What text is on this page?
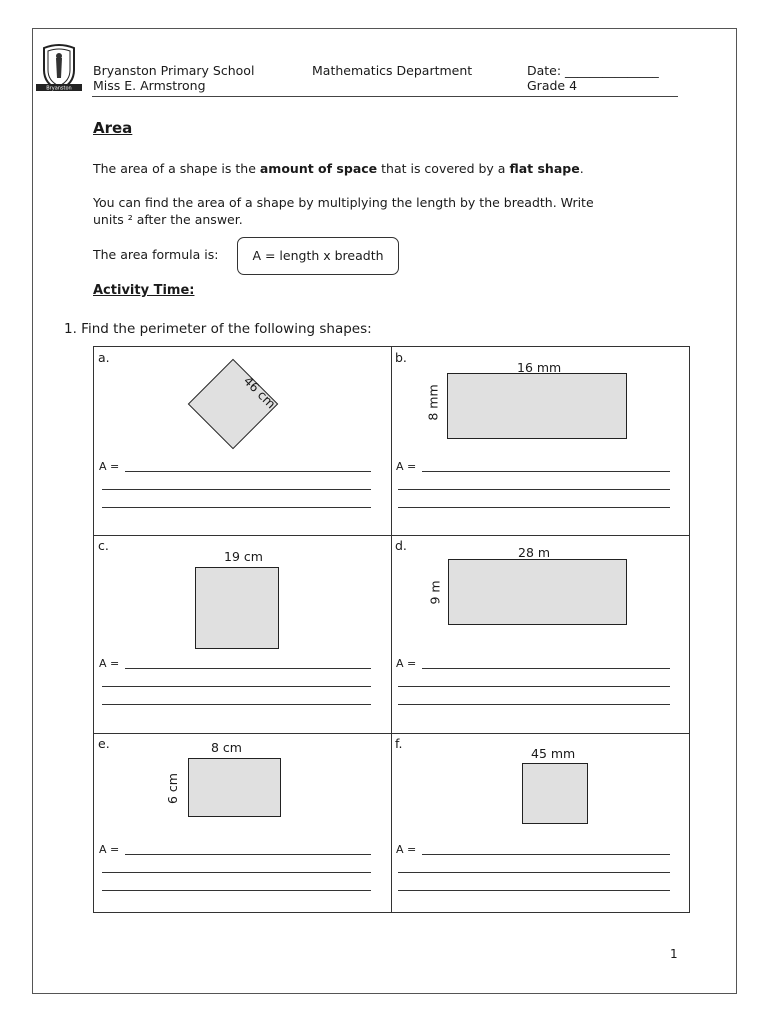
Bryanston
Bryanston Primary School
Miss E. Armstrong
Mathematics Department	Date: _______________
Grade 4
Area
The area of a shape is the amount of space that is covered by a flat shape.
You can find the area of a shape by multiplying the length by the breadth. Write
units ² after the answer.
The area formula is:	A = length x breadth
Activity Time:
1. Find the perimeter of the following shapes:
a.
46 cm
A =
b.
16 mm
8 mm
A =
c.
19 cm
A =
d.	28 m
9 m
A =
e.	8 cm
6 cm
A =
f.
45 mm
A =
1
